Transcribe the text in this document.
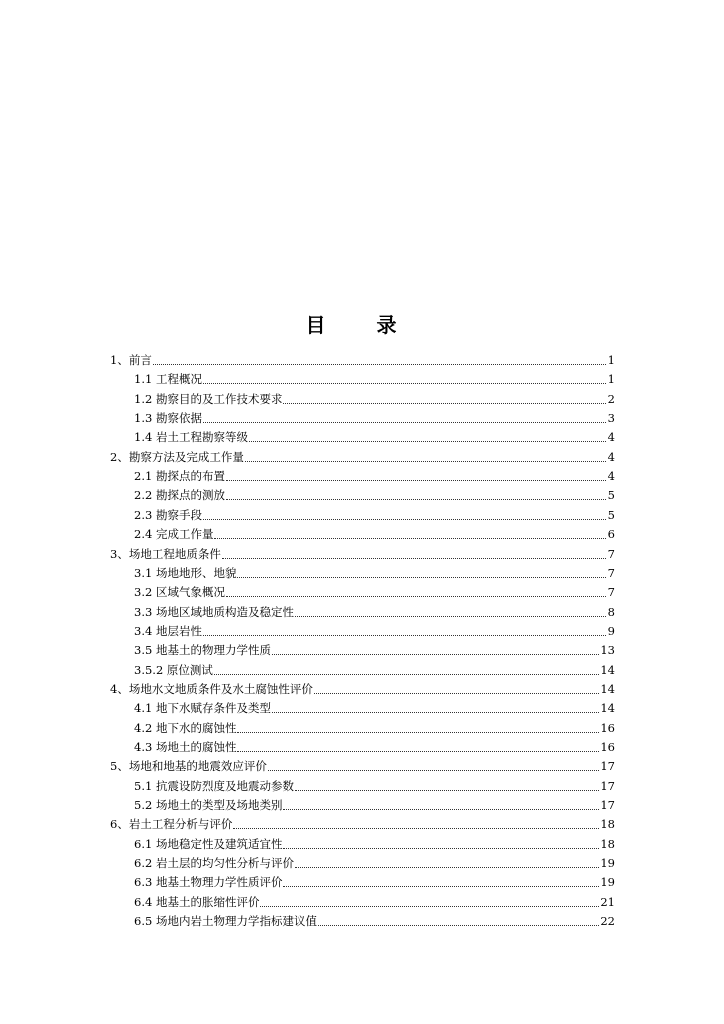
目 录
1、前言	1
1.1 工程概况	1
1.2 勘察目的及工作技术要求	2
1.3 勘察依据	3
1.4 岩土工程勘察等级	4
2、勘察方法及完成工作量	4
2.1 勘探点的布置	4
2.2 勘探点的测放	5
2.3 勘察手段	5
2.4 完成工作量	6
3、场地工程地质条件	7
3.1 场地地形、地貌	7
3.2 区域气象概况	7
3.3 场地区域地质构造及稳定性	8
3.4 地层岩性	9
3.5 地基土的物理力学性质	13
3.5.2 原位测试	14
4、场地水文地质条件及水土腐蚀性评价	14
4.1 地下水赋存条件及类型	14
4.2 地下水的腐蚀性	16
4.3 场地土的腐蚀性	16
5、场地和地基的地震效应评价	17
5.1 抗震设防烈度及地震动参数	17
5.2 场地土的类型及场地类别	17
6、岩土工程分析与评价	18
6.1 场地稳定性及建筑适宜性	18
6.2 岩土层的均匀性分析与评价	19
6.3 地基土物理力学性质评价	19
6.4 地基土的胀缩性评价	21
6.5 场地内岩土物理力学指标建议值	22
